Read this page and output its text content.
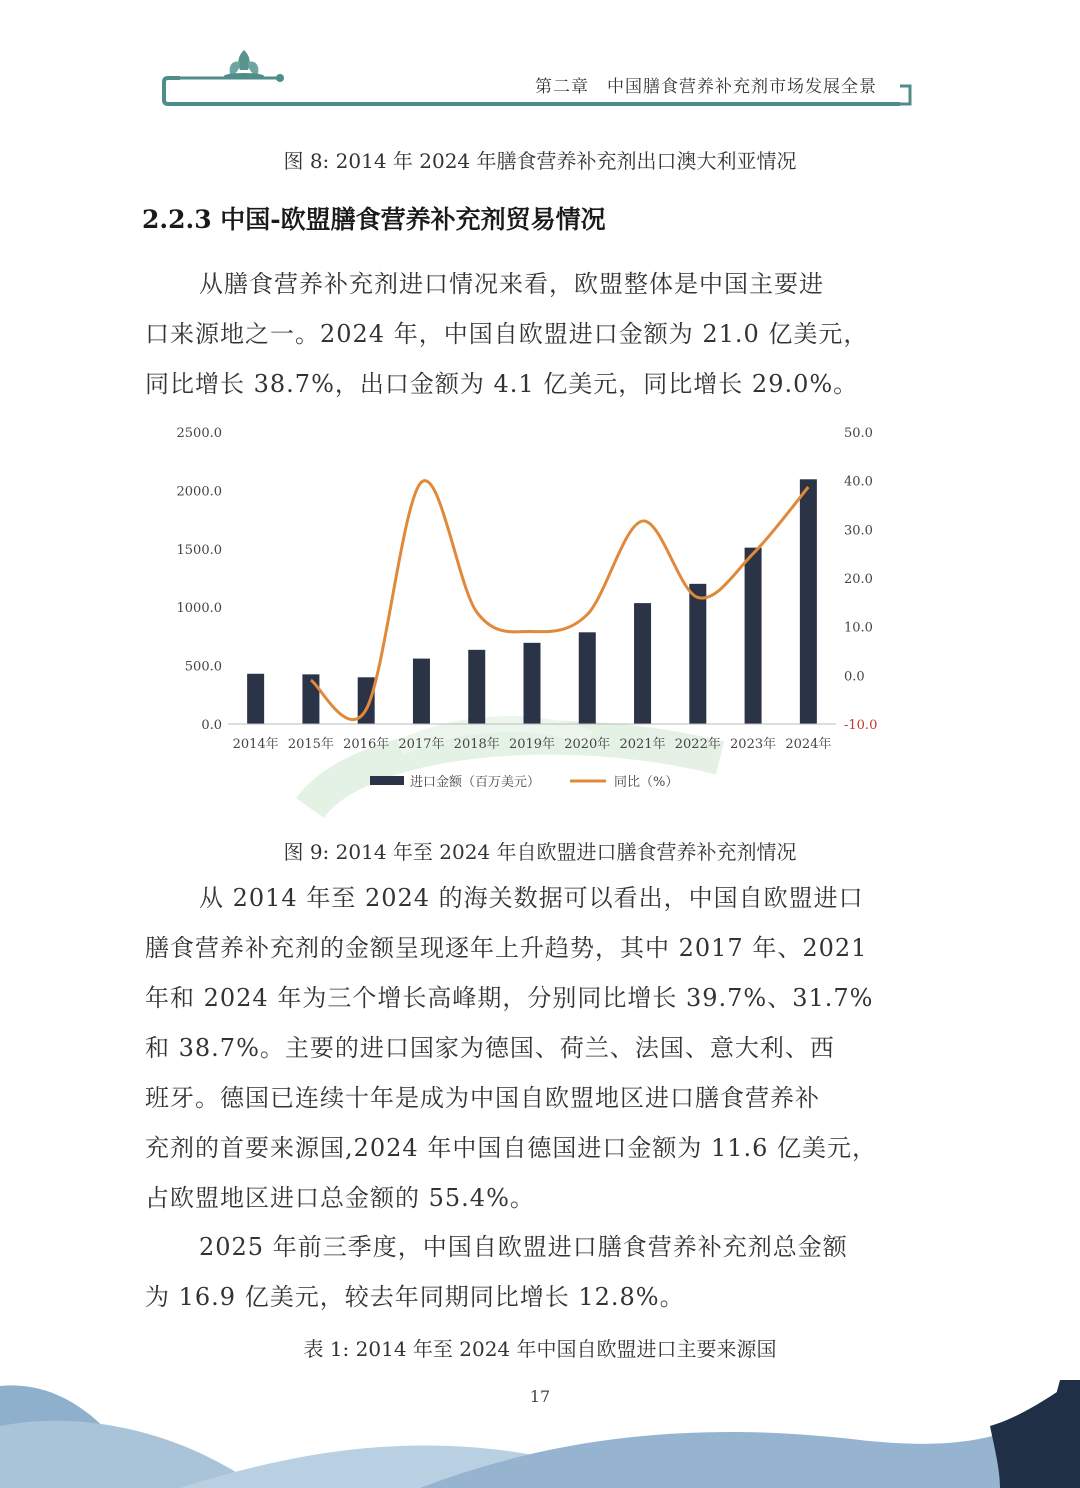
第二章　中国膳食营养补充剂市场发展全景
图 8: 2014 年 2024 年膳食营养补充剂出口澳大利亚情况
2.2.3 中国-欧盟膳食营养补充剂贸易情况
从膳食营养补充剂进口情况来看，欧盟整体是中国主要进
口来源地之一。2024 年，中国自欧盟进口金额为 21.0 亿美元，
同比增长 38.7%，出口金额为 4.1 亿美元，同比增长 29.0%。
0.0
500.0
1000.0
1500.0
2000.0
2500.0
-10.0
0.0
10.0
20.0
30.0
40.0
50.0
2014年 2015年 2016年 2017年 2018年 2019年 2020年 2021年 2022年 2023年 2024年
进口金额（百万美元）	同比（%）
图 9: 2014 年至 2024 年自欧盟进口膳食营养补充剂情况
从 2014 年至 2024 的海关数据可以看出，中国自欧盟进口
膳食营养补充剂的金额呈现逐年上升趋势，其中 2017 年、2021
年和 2024 年为三个增长高峰期，分别同比增长 39.7%、31.7%
和 38.7%。主要的进口国家为德国、荷兰、法国、意大利、西
班牙。德国已连续十年是成为中国自欧盟地区进口膳食营养补
充剂的首要来源国,2024 年中国自德国进口金额为 11.6 亿美元，
占欧盟地区进口总金额的 55.4%。
2025 年前三季度，中国自欧盟进口膳食营养补充剂总金额
为 16.9 亿美元，较去年同期同比增长 12.8%。
表 1: 2014 年至 2024 年中国自欧盟进口主要来源国
17
